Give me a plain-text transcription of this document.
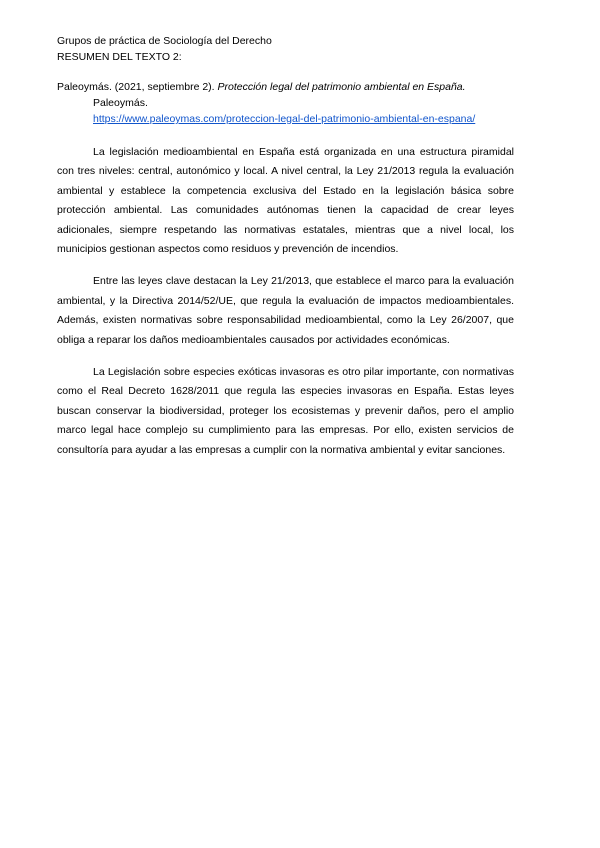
Grupos de práctica de Sociología del Derecho
RESUMEN DEL TEXTO 2:
Paleoymás. (2021, septiembre 2). Protección legal del patrimonio ambiental en España.
Paleoymás.
https://www.paleoymas.com/proteccion-legal-del-patrimonio-ambiental-en-espana/

La legislación medioambiental en España está organizada en una estructura piramidal con tres niveles: central, autonómico y local. A nivel central, la Ley 21/2013 regula la evaluación ambiental y establece la competencia exclusiva del Estado en la legislación básica sobre protección ambiental. Las comunidades autónomas tienen la capacidad de crear leyes adicionales, siempre respetando las normativas estatales, mientras que a nivel local, los municipios gestionan aspectos como residuos y prevención de incendios.

Entre las leyes clave destacan la Ley 21/2013, que establece el marco para la evaluación ambiental, y la Directiva 2014/52/UE, que regula la evaluación de impactos medioambientales. Además, existen normativas sobre responsabilidad medioambiental, como la Ley 26/2007, que obliga a reparar los daños medioambientales causados por actividades económicas.

La Legislación sobre especies exóticas invasoras es otro pilar importante, con normativas como el Real Decreto 1628/2011 que regula las especies invasoras en España. Estas leyes buscan conservar la biodiversidad, proteger los ecosistemas y prevenir daños, pero el amplio marco legal hace complejo su cumplimiento para las empresas. Por ello, existen servicios de consultoría para ayudar a las empresas a cumplir con la normativa ambiental y evitar sanciones.
